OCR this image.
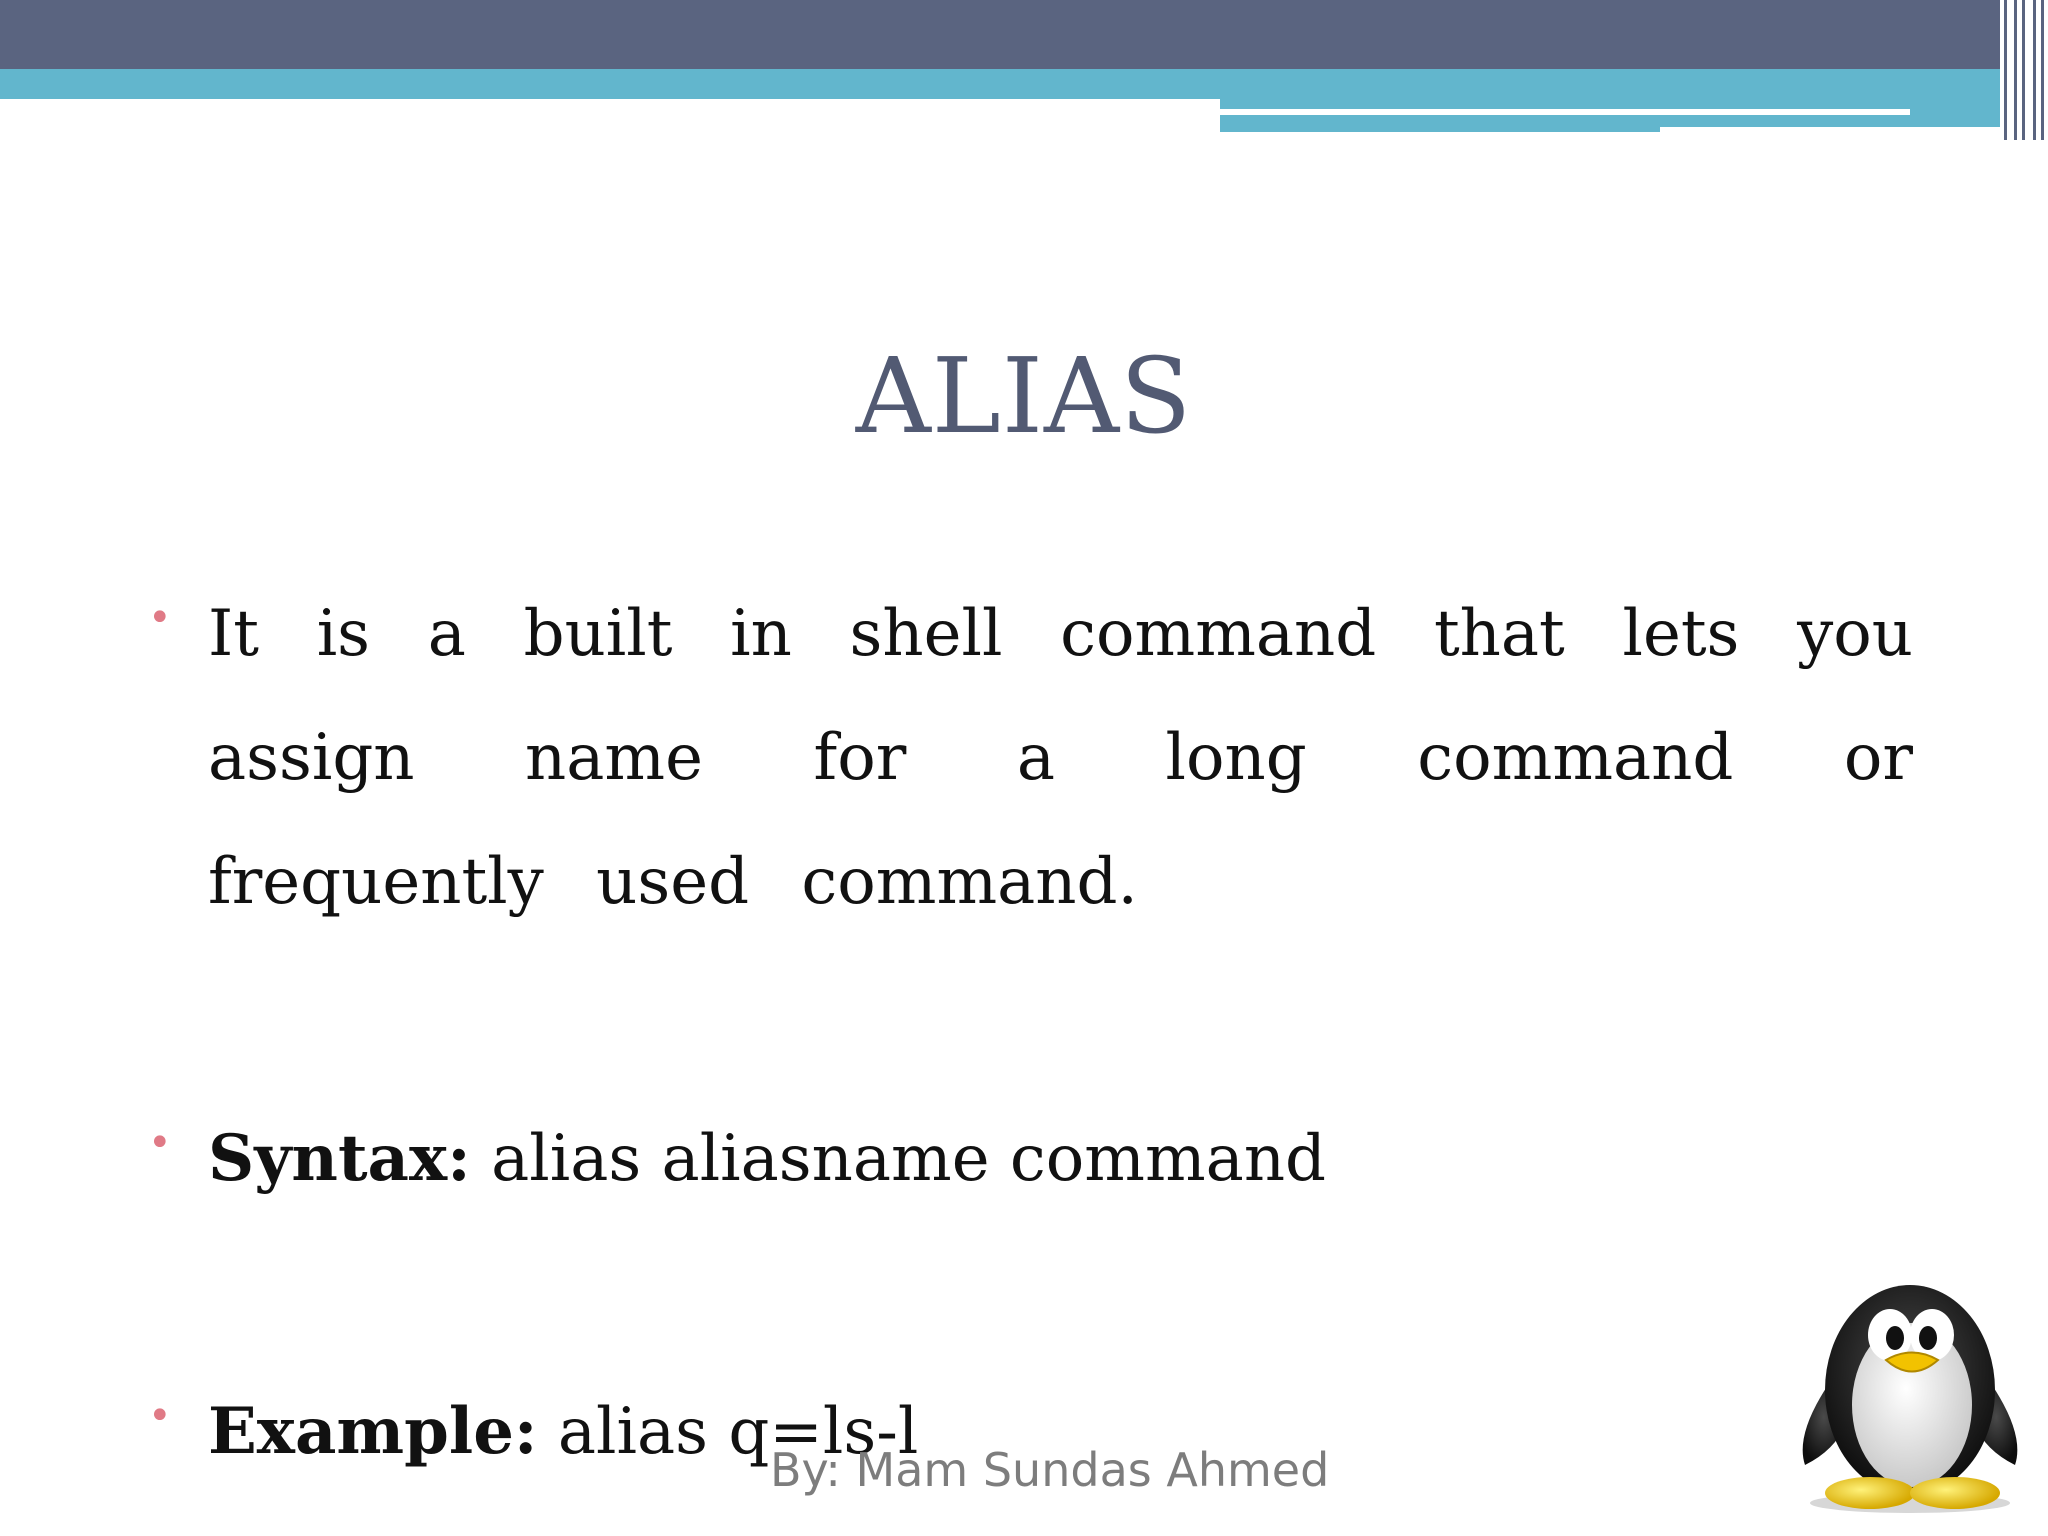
ALIAS
• It is a built in shell command that lets you assign name for a long command or frequently used command.
• Syntax: alias aliasname command
• Example: alias q=ls-l
By: Mam Sundas Ahmed
